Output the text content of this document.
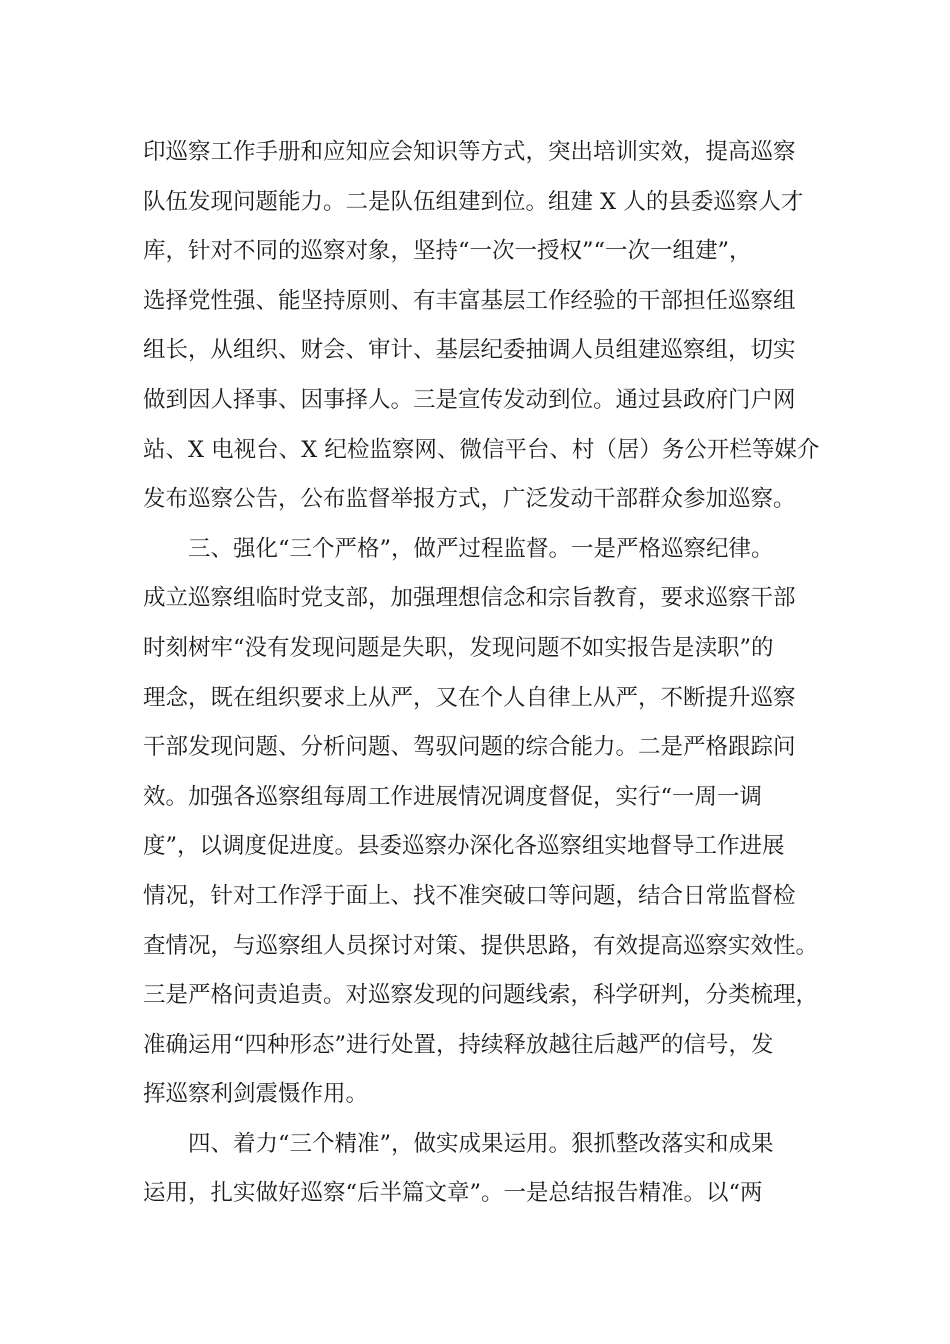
印巡察工作手册和应知应会知识等方式，突出培训实效，提高巡察

队伍发现问题能力。二是队伍组建到位。组建 X 人的县委巡察人才

库，针对不同的巡察对象，坚持“一次一授权”“一次一组建”，

选择党性强、能坚持原则、有丰富基层工作经验的干部担任巡察组

组长，从组织、财会、审计、基层纪委抽调人员组建巡察组，切实

做到因人择事、因事择人。三是宣传发动到位。通过县政府门户网

站、X 电视台、X 纪检监察网、微信平台、村（居）务公开栏等媒介

发布巡察公告，公布监督举报方式，广泛发动干部群众参加巡察。

　　三、强化“三个严格”，做严过程监督。一是严格巡察纪律。

成立巡察组临时党支部，加强理想信念和宗旨教育，要求巡察干部

时刻树牢“没有发现问题是失职，发现问题不如实报告是渎职”的

理念，既在组织要求上从严，又在个人自律上从严，不断提升巡察

干部发现问题、分析问题、驾驭问题的综合能力。二是严格跟踪问

效。加强各巡察组每周工作进展情况调度督促，实行“一周一调

度”，以调度促进度。县委巡察办深化各巡察组实地督导工作进展

情况，针对工作浮于面上、找不准突破口等问题，结合日常监督检

查情况，与巡察组人员探讨对策、提供思路，有效提高巡察实效性。

三是严格问责追责。对巡察发现的问题线索，科学研判，分类梳理，

准确运用“四种形态”进行处置，持续释放越往后越严的信号，发

挥巡察利剑震慑作用。

　　四、着力“三个精准”，做实成果运用。狠抓整改落实和成果

运用，扎实做好巡察“后半篇文章”。一是总结报告精准。以“两
